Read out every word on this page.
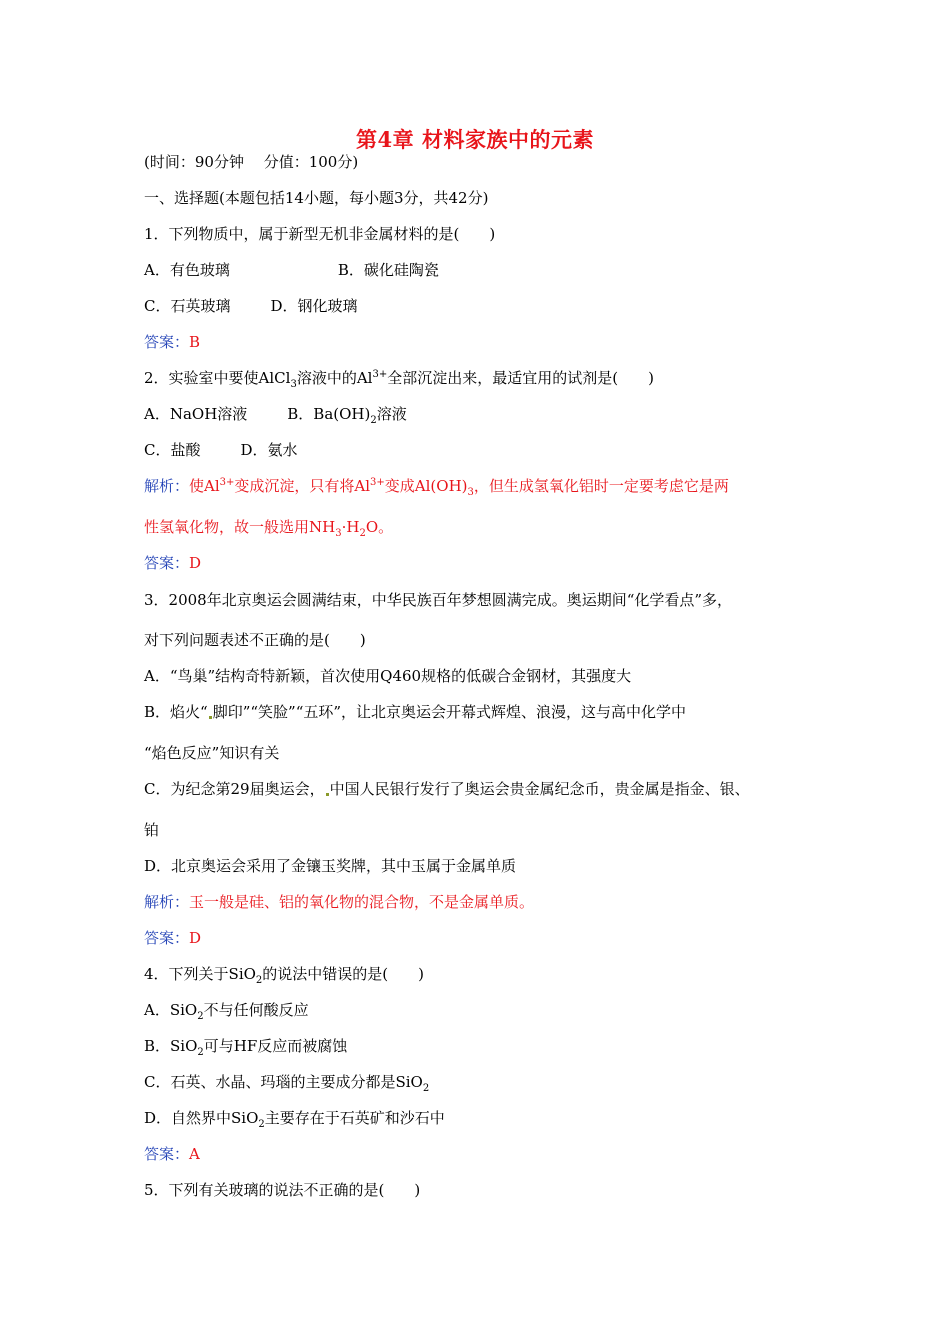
第4章 材料家族中的元素
(时间：90分钟　 分值：100分)
一、选择题(本题包括14小题，每小题3分，共42分)
1．下列物质中，属于新型无机非金属材料的是(　　)
A．有色玻璃	B．碳化硅陶瓷
C．石英玻璃	D．钢化玻璃
答案：B
2．实验室中要使AlCl$_3$溶液中的$Al^{3+}$全部沉淀出来，最适宜用的试剂是(　　)
A．NaOH溶液	B．$Ba(OH)_2$溶液
C．盐酸	D．氨水
解析：使$Al^{3+}$变成沉淀，只有将$Al^{3+}$变成$Al(OH)_3$，但生成氢氧化铝时一定要考虑它是两
性氢氧化物，故一般选用$NH_3\cdot H_2O$。
答案：D
3．2008年北京奥运会圆满结束，中华民族百年梦想圆满完成。奥运期间“化学看点”多，
对下列问题表述不正确的是(　　)
A．“鸟巢”结构奇特新颖，首次使用Q460规格的低碳合金钢材，其强度大
B．焰火“ 脚印”“笑脸”“五环”，让北京奥运会开幕式辉煌、浪漫，这与高中化学中
“焰色反应”知识有关
C．为纪念第29届奥运会， 中国人民银行发行了奥运会贵金属纪念币，贵金属是指金、银、
铂
D．北京奥运会采用了金镶玉奖牌，其中玉属于金属单质
解析：玉一般是硅、铝的氧化物的混合物，不是金属单质。
答案：D
4．下列关于SiO$_2$的说法中错误的是(　　)
A．SiO$_2$不与任何酸反应
B．SiO$_2$可与HF反应而被腐蚀
C．石英、水晶、玛瑙的主要成分都是SiO$_2$
D．自然界中SiO$_2$主要存在于石英矿和沙石中
答案：A
5．下列有关玻璃的说法不正确的是(　　)
